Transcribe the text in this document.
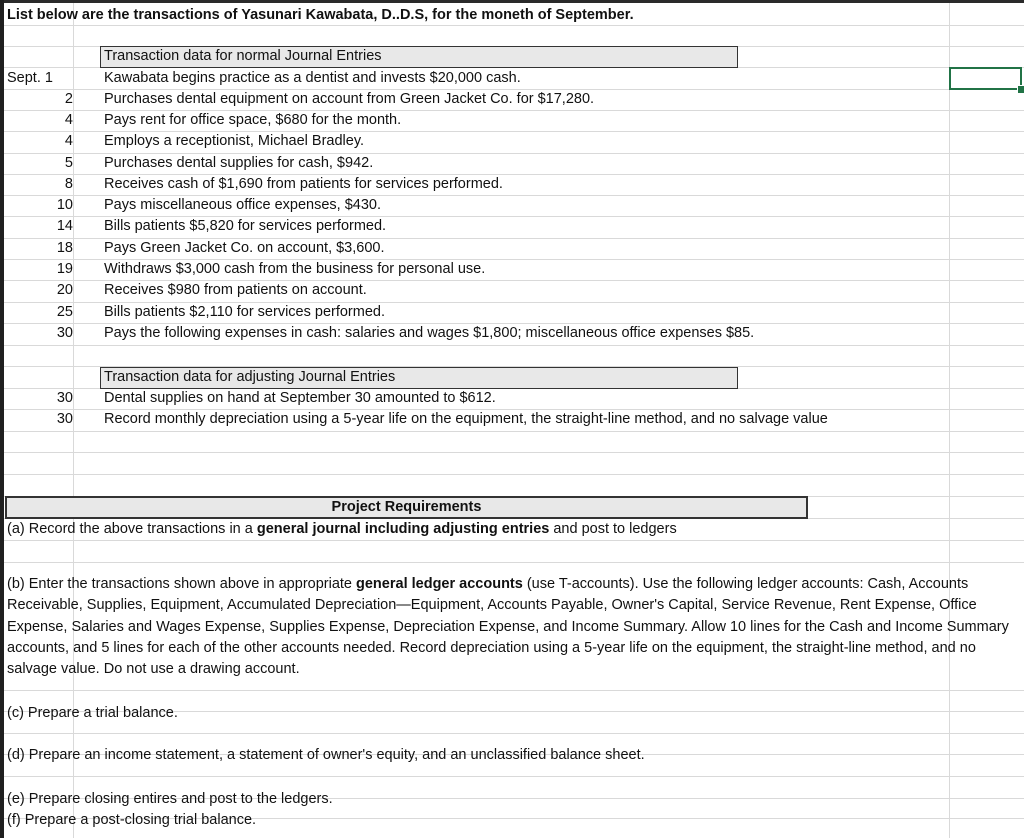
List below are the transactions of Yasunari Kawabata, D..D.S, for the moneth of September.
Transaction data for normal Journal Entries
Sept. 1	Kawabata begins practice as a dentist and invests $20,000 cash.
2 Purchases dental equipment on account from Green Jacket Co. for $17,280.
4 Pays rent for office space, $680 for the month.
4 Employs a receptionist, Michael Bradley.
5 Purchases dental supplies for cash, $942.
8 Receives cash of $1,690 from patients for services performed.
10 Pays miscellaneous office expenses, $430.
14 Bills patients $5,820 for services performed.
18 Pays Green Jacket Co. on account, $3,600.
19 Withdraws $3,000 cash from the business for personal use.
20 Receives $980 from patients on account.
25 Bills patients $2,110 for services performed.
30 Pays the following expenses in cash: salaries and wages $1,800; miscellaneous office expenses $85.
Transaction data for adjusting Journal Entries
30 Dental supplies on hand at September 30 amounted to $612.
30 Record monthly depreciation using a 5-year life on the equipment, the straight-line method, and no salvage value
Project Requirements
(a) Record the above transactions in a general journal including adjusting entries and post to ledgers
(b) Enter the transactions shown above in appropriate general ledger accounts (use T-accounts). Use the following ledger accounts: Cash, Accounts Receivable, Supplies, Equipment, Accumulated Depreciation—Equipment, Accounts Payable, Owner's Capital, Service Revenue, Rent Expense, Office Expense, Salaries and Wages Expense, Supplies Expense, Depreciation Expense, and Income Summary. Allow 10 lines for the Cash and Income Summary accounts, and 5 lines for each of the other accounts needed. Record depreciation using a 5-year life on the equipment, the straight-line method, and no salvage value. Do not use a drawing account.
(c) Prepare a trial balance.
(d) Prepare an income statement, a statement of owner's equity, and an unclassified balance sheet.
(e) Prepare closing entires and post to the ledgers.
(f) Prepare a post-closing trial balance.
